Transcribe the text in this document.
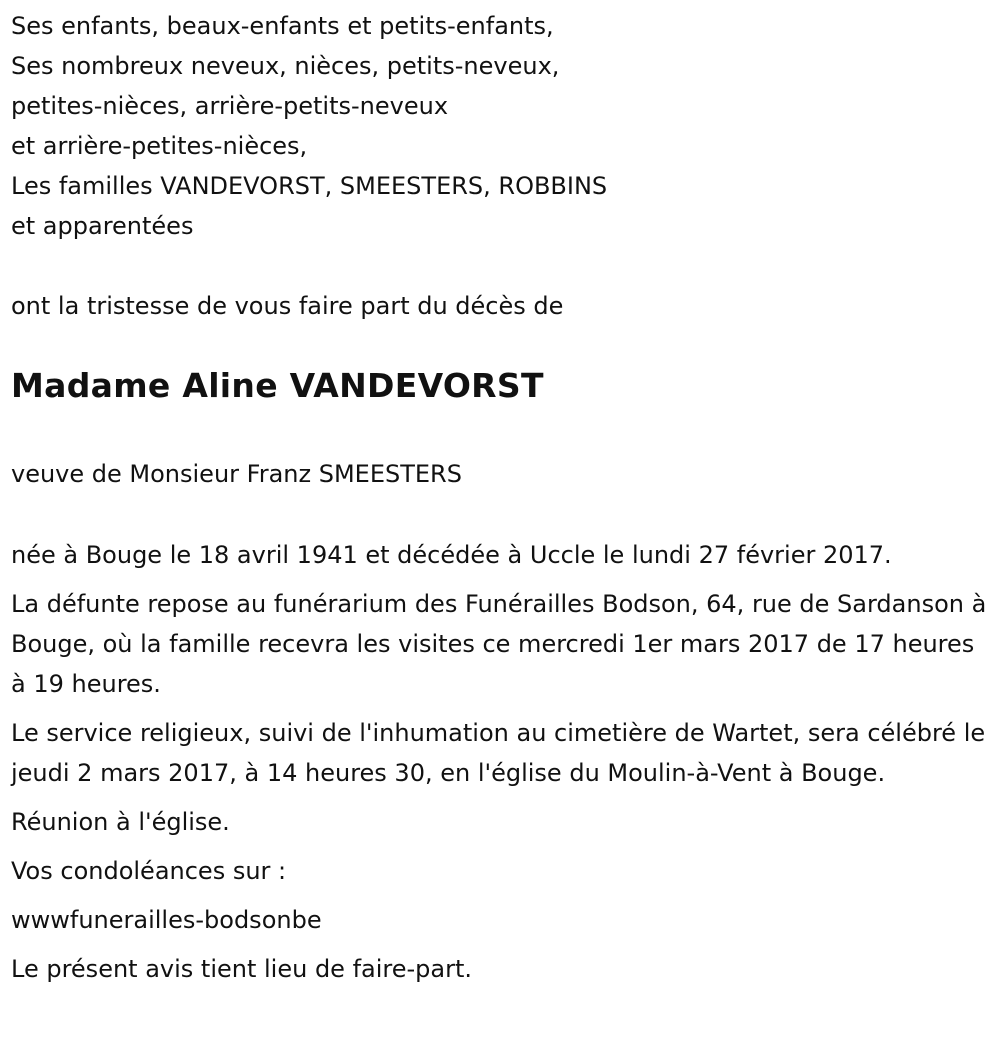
Ses enfants, beaux-enfants et petits-enfants,
Ses nombreux neveux, nièces, petits-neveux,
petites-nièces, arrière-petits-neveux
et arrière-petites-nièces,
Les familles VANDEVORST, SMEESTERS, ROBBINS
et apparentées
ont la tristesse de vous faire part du décès de
Madame Aline VANDEVORST
veuve de Monsieur Franz SMEESTERS

née à Bouge le 18 avril 1941 et décédée à Uccle le lundi 27 février 2017.

La défunte repose au funérarium des Funérailles Bodson, 64, rue de Sardanson à Bouge, où la famille recevra les visites ce mercredi 1er mars 2017 de 17 heures à 19 heures.

Le service religieux, suivi de l'inhumation au cimetière de Wartet, sera célébré le jeudi 2 mars 2017, à 14 heures 30, en l'église du Moulin-à-Vent à Bouge.

Réunion à l'église.

Vos condoléances sur :

wwwfunerailles-bodsonbe

Le présent avis tient lieu de faire-part.
